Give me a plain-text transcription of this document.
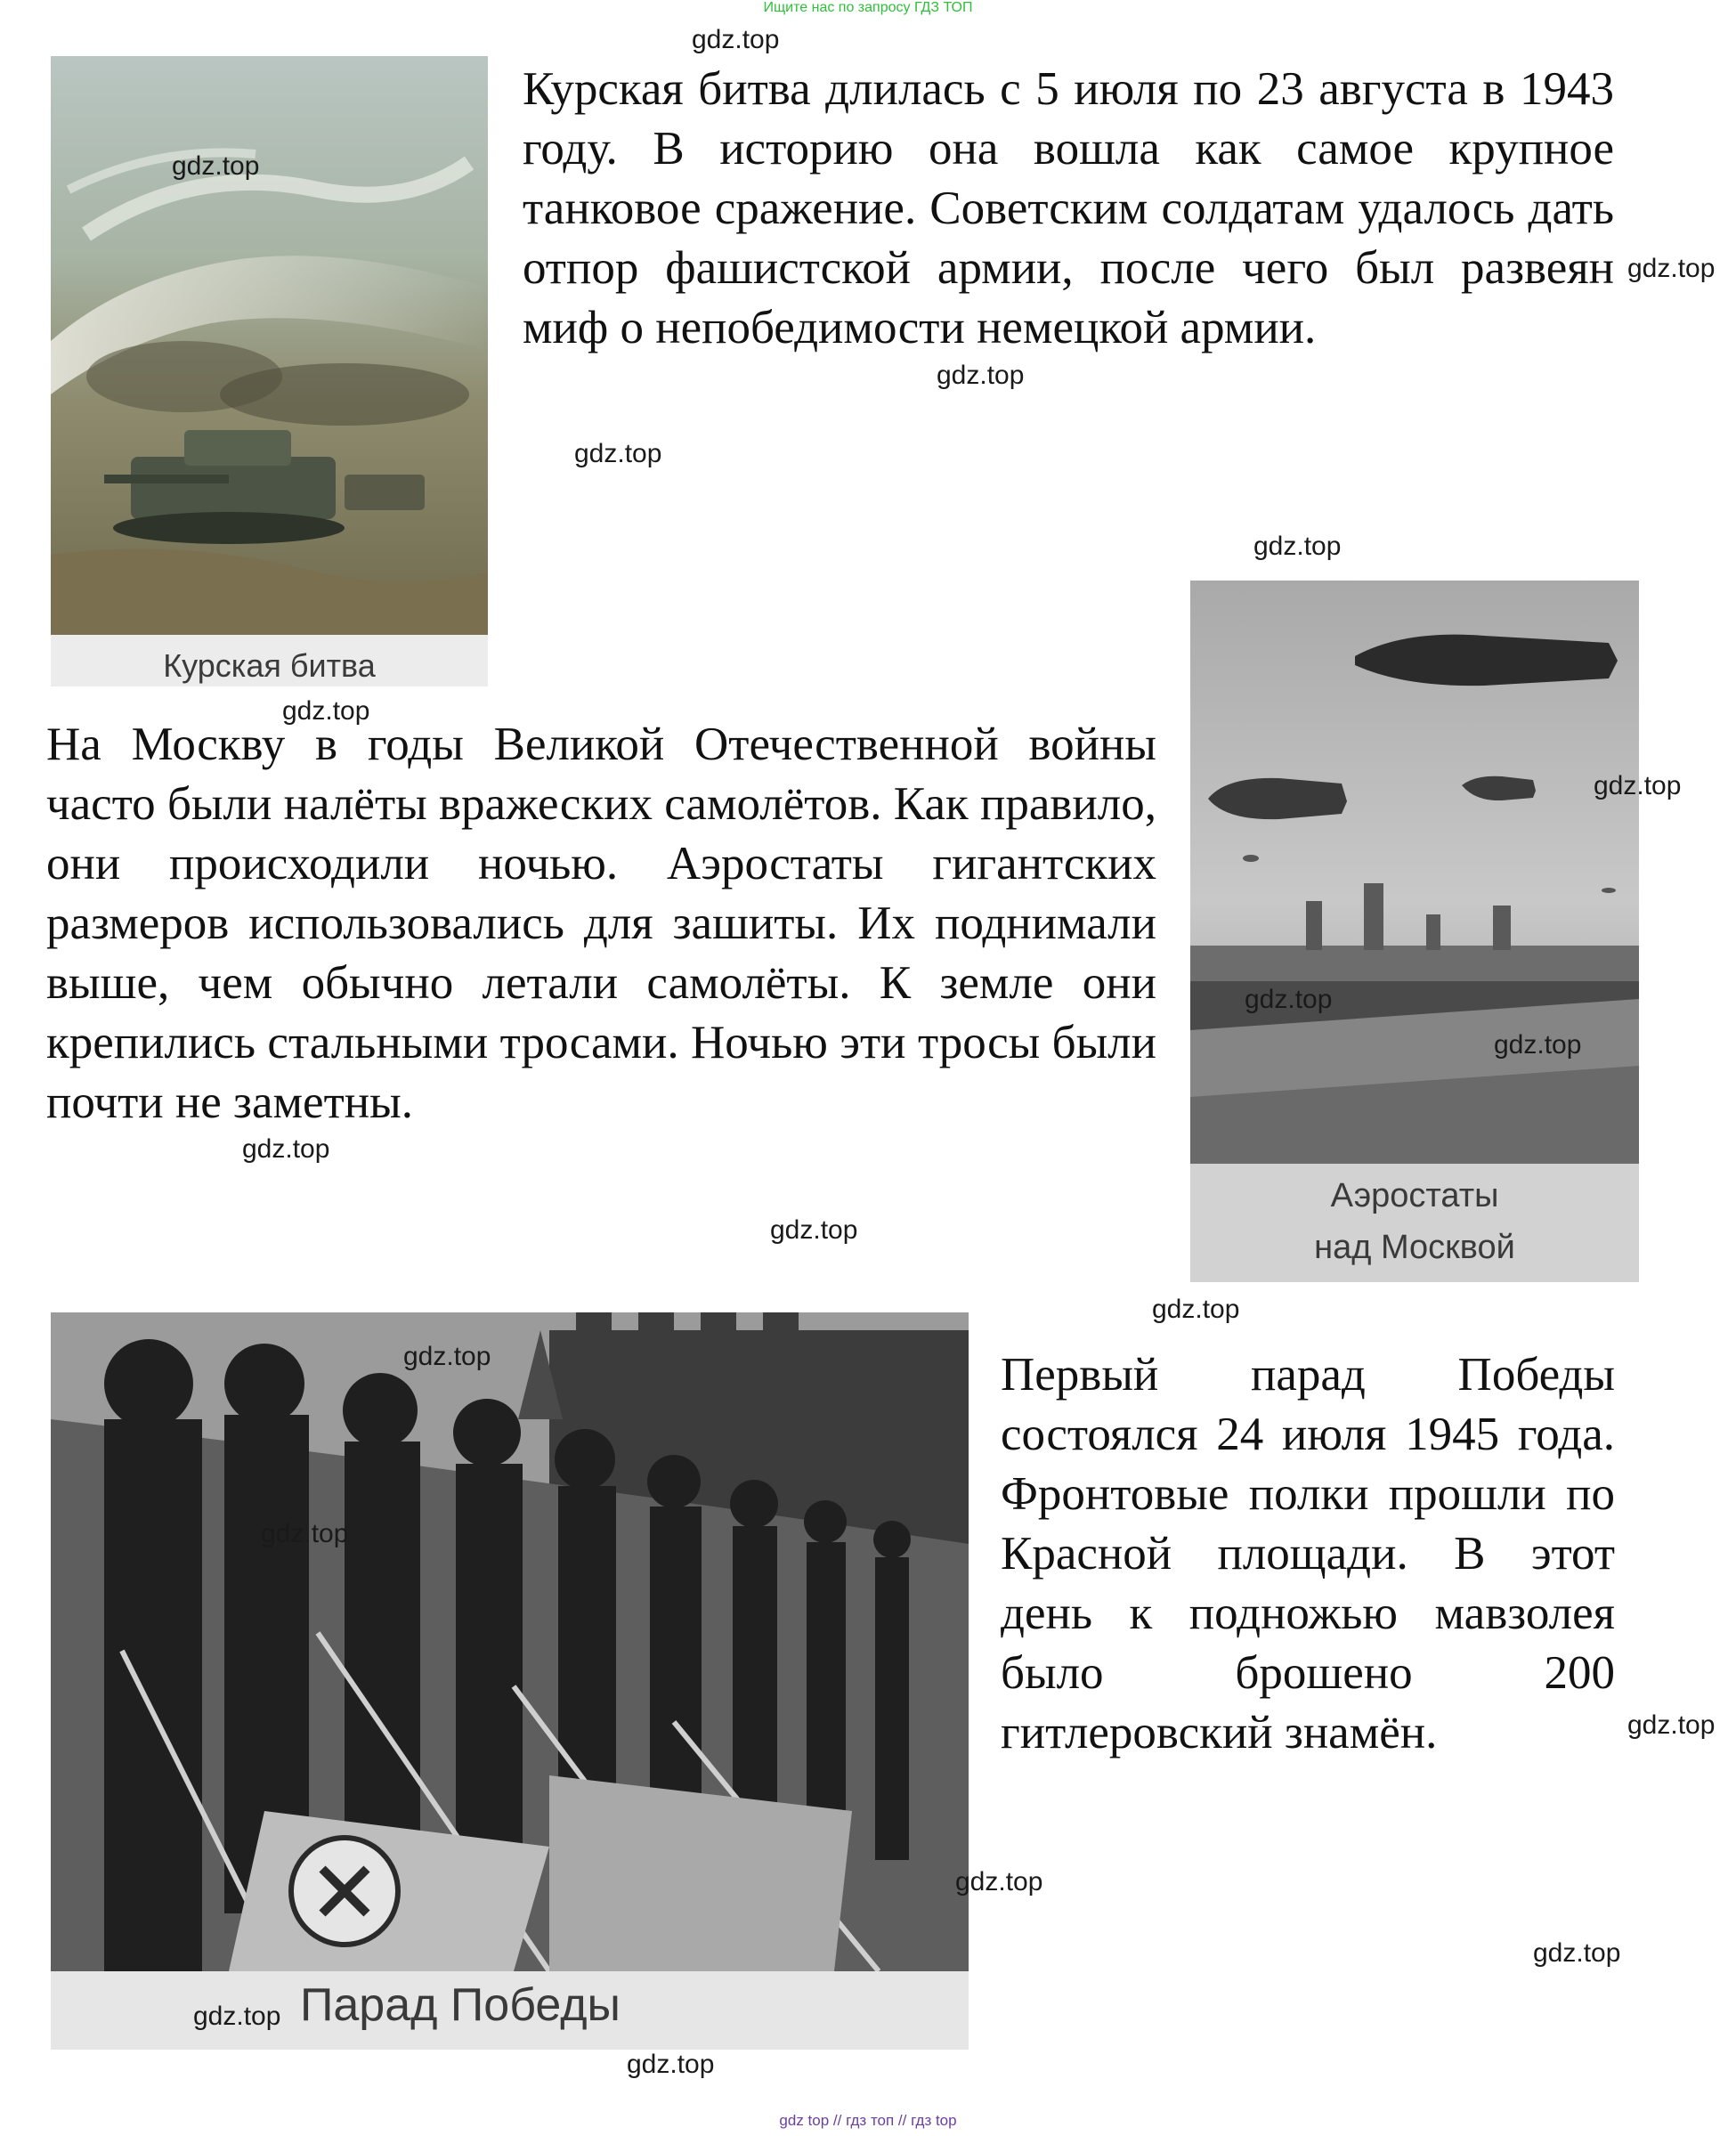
Ищите нас по запросу ГДЗ ТОП
Курская битва

Курская битва длилась с 5 июля по 23 августа в 1943 году. В историю она вошла как самое крупное танковое сражение. Советским солдатам удалось дать отпор фашистской армии, после чего был развеян миф о непобедимости немецкой армии.

Аэростаты
над Москвой

На Москву в годы Великой Отечественной войны часто были налёты вражеских самолётов. Как правило, они происходили ночью. Аэростаты гигантских размеров использовались для зашиты. Их поднимали выше, чем обычно летали самолёты. К земле они крепились стальными тросами. Ночью эти тросы были почти не заметны.

Парад Победы

Первый парад Победы состоялся 24 июля 1945 года. Фронтовые полки прошли по Красной площади. В этот день к подножью мавзолея было брошено 200 гитлеровский знамён.

gdz.top
gdz.top
gdz.top
gdz.top
gdz.top
gdz.top
gdz.top
gdz.top
gdz.top
gdz.top
gdz.top
gdz.top
gdz.top
gdz.top
gdz.top
gdz.top
gdz.top
gdz.top
gdz.top
gdz.top
gdz top // гдз топ // гдз top
